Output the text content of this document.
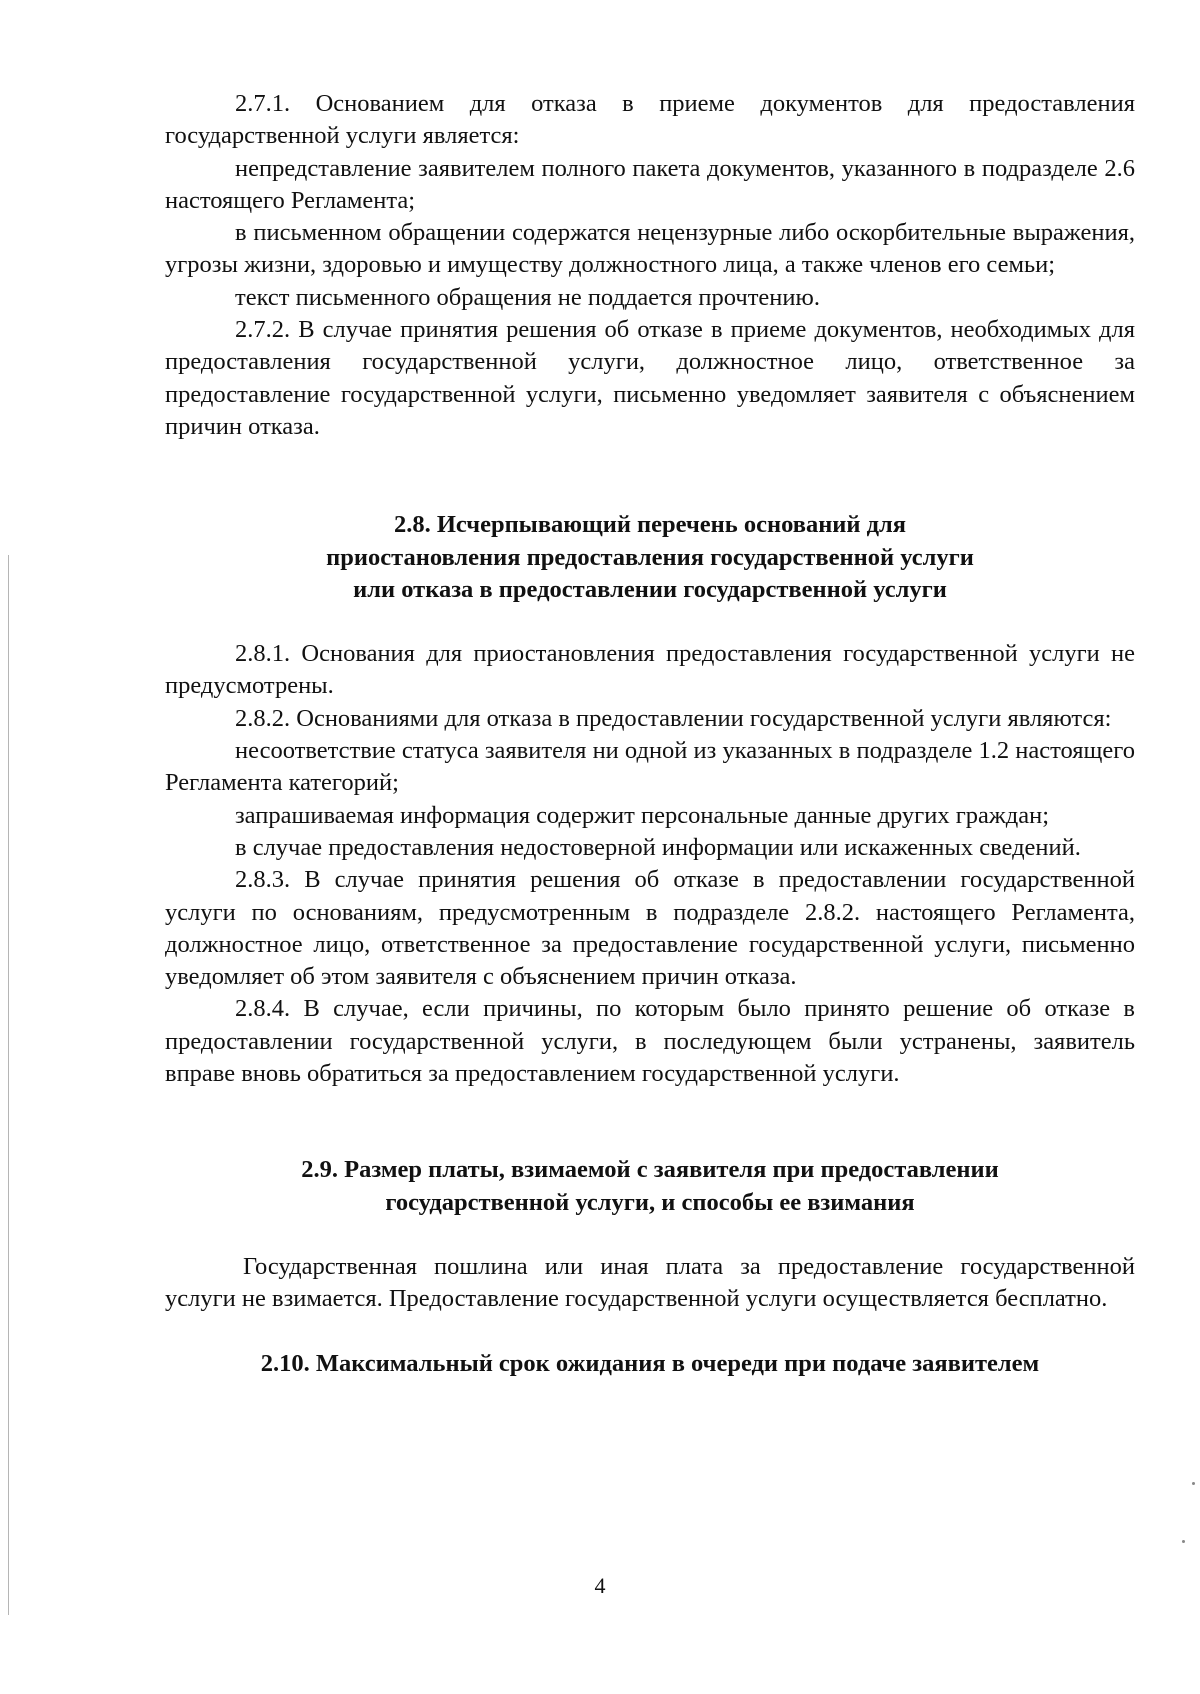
2.7.1. Основанием для отказа в приеме документов для предоставления государственной услуги является:

непредставление заявителем полного пакета документов, указанного в подразделе 2.6 настоящего Регламента;

в письменном обращении содержатся нецензурные либо оскорбительные выражения, угрозы жизни, здоровью и имуществу должностного лица, а также членов его семьи;

текст письменного обращения не поддается прочтению.

2.7.2. В случае принятия решения об отказе в приеме документов, необходимых для предоставления государственной услуги, должностное лицо, ответственное за предоставление государственной услуги, письменно уведомляет заявителя с объяснением причин отказа.

2.8. Исчерпывающий перечень оснований для
приостановления предоставления государственной услуги
или отказа в предоставлении государственной услуги

2.8.1. Основания для приостановления предоставления государственной услуги не предусмотрены.

2.8.2. Основаниями для отказа в предоставлении государственной услуги являются:

несоответствие статуса заявителя ни одной из указанных в подразделе 1.2 настоящего Регламента категорий;

запрашиваемая информация содержит персональные данные других граждан;

в случае предоставления недостоверной информации или искаженных сведений.

2.8.3. В случае принятия решения об отказе в предоставлении государственной услуги по основаниям, предусмотренным в подразделе 2.8.2. настоящего Регламента, должностное лицо, ответственное за предоставление государственной услуги, письменно уведомляет об этом заявителя с объяснением причин отказа.

2.8.4. В случае, если причины, по которым было принято решение об отказе в предоставлении государственной услуги, в последующем были устранены, заявитель вправе вновь обратиться за предоставлением государственной услуги.

2.9. Размер платы, взимаемой с заявителя при предоставлении
государственной услуги, и способы ее взимания

Государственная пошлина или иная плата за предоставление государственной услуги не взимается. Предоставление государственной услуги осуществляется бесплатно.

2.10. Максимальный срок ожидания в очереди при подаче заявителем
4
